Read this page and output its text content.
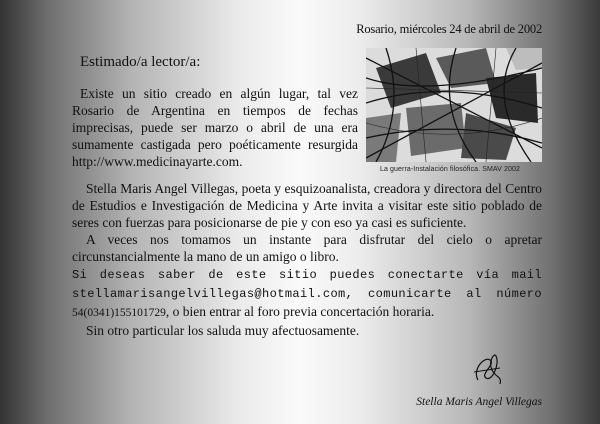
Rosario, miércoles 24 de abril de 2002
Estimado/a lector/a:
Existe un sitio creado en algún lugar, tal vez Rosario de Argentina en tiempos de fechas imprecisas, puede ser marzo o abril de una era sumamente castigada pero poéticamente resurgida http://www.medicinayarte.com.
La guerra-Instalación filosófica. SMAV 2002
Stella Maris Angel Villegas, poeta y esquizoanalista, creadora y directora del Centro de Estudios e Investigación de Medicina y Arte invita a visitar este sitio poblado de seres con fuerzas para posicionarse de pie y con eso ya casi es suficiente.
A veces nos tomamos un instante para disfrutar del cielo o apretar circunstancialmente la mano de un amigo o libro.
Si deseas saber de este sitio puedes conectarte vía mail stellamarisangelvillegas@hotmail.com, comunicarte al número 54(0341)155101729, o bien entrar al foro previa concertación horaria.
Sin otro particular los saluda muy afectuosamente.
Stella Maris Angel Villegas
